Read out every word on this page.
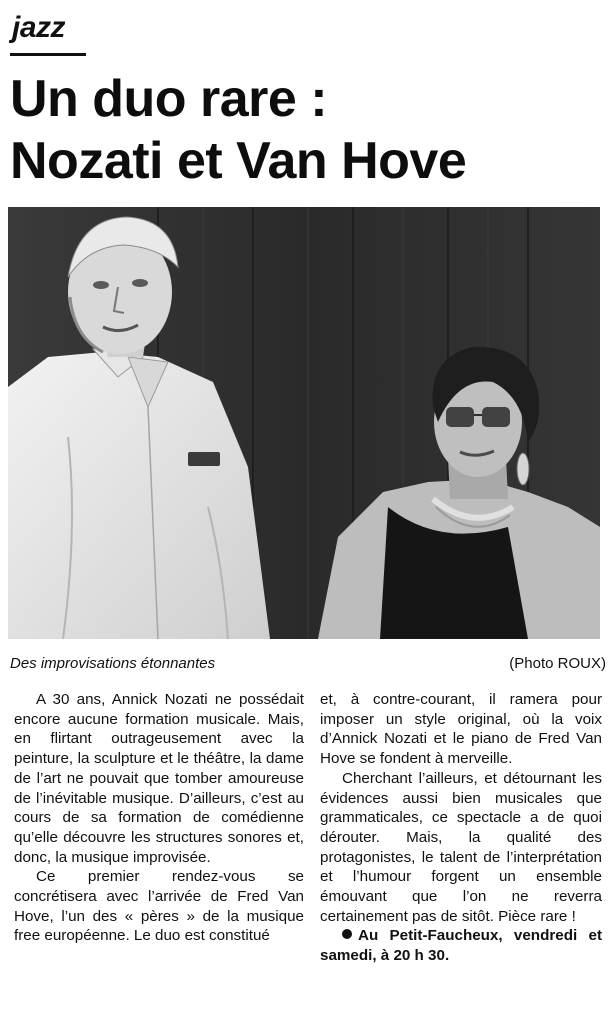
jazz
Un duo rare :
Nozati et Van Hove
Des improvisations étonnantes	(Photo ROUX)

A 30 ans, Annick Nozati ne possédait encore aucune formation musicale. Mais, en flirtant outrageusement avec la peinture, la sculpture et le théâtre, la dame de l’art ne pouvait que tomber amoureuse de l’inévitable musique. D’ailleurs, c’est au cours de sa formation de comédienne qu’elle découvre les structures sonores et, donc, la musique improvisée.

Ce premier rendez-vous se concrétisera avec l’arrivée de Fred Van Hove, l’un des « pères » de la musique free européenne. Le duo est constitué

et, à contre-courant, il ramera pour imposer un style original, où la voix d’Annick Nozati et le piano de Fred Van Hove se fondent à merveille.

Cherchant l’ailleurs, et détournant les évidences aussi bien musicales que grammaticales, ce spectacle a de quoi dérouter. Mais, la qualité des protagonistes, le talent de l’interprétation et l’humour forgent un ensemble émouvant que l’on ne reverra certainement pas de sitôt. Pièce rare !

Au Petit-Faucheux, vendredi et samedi, à 20 h 30.
